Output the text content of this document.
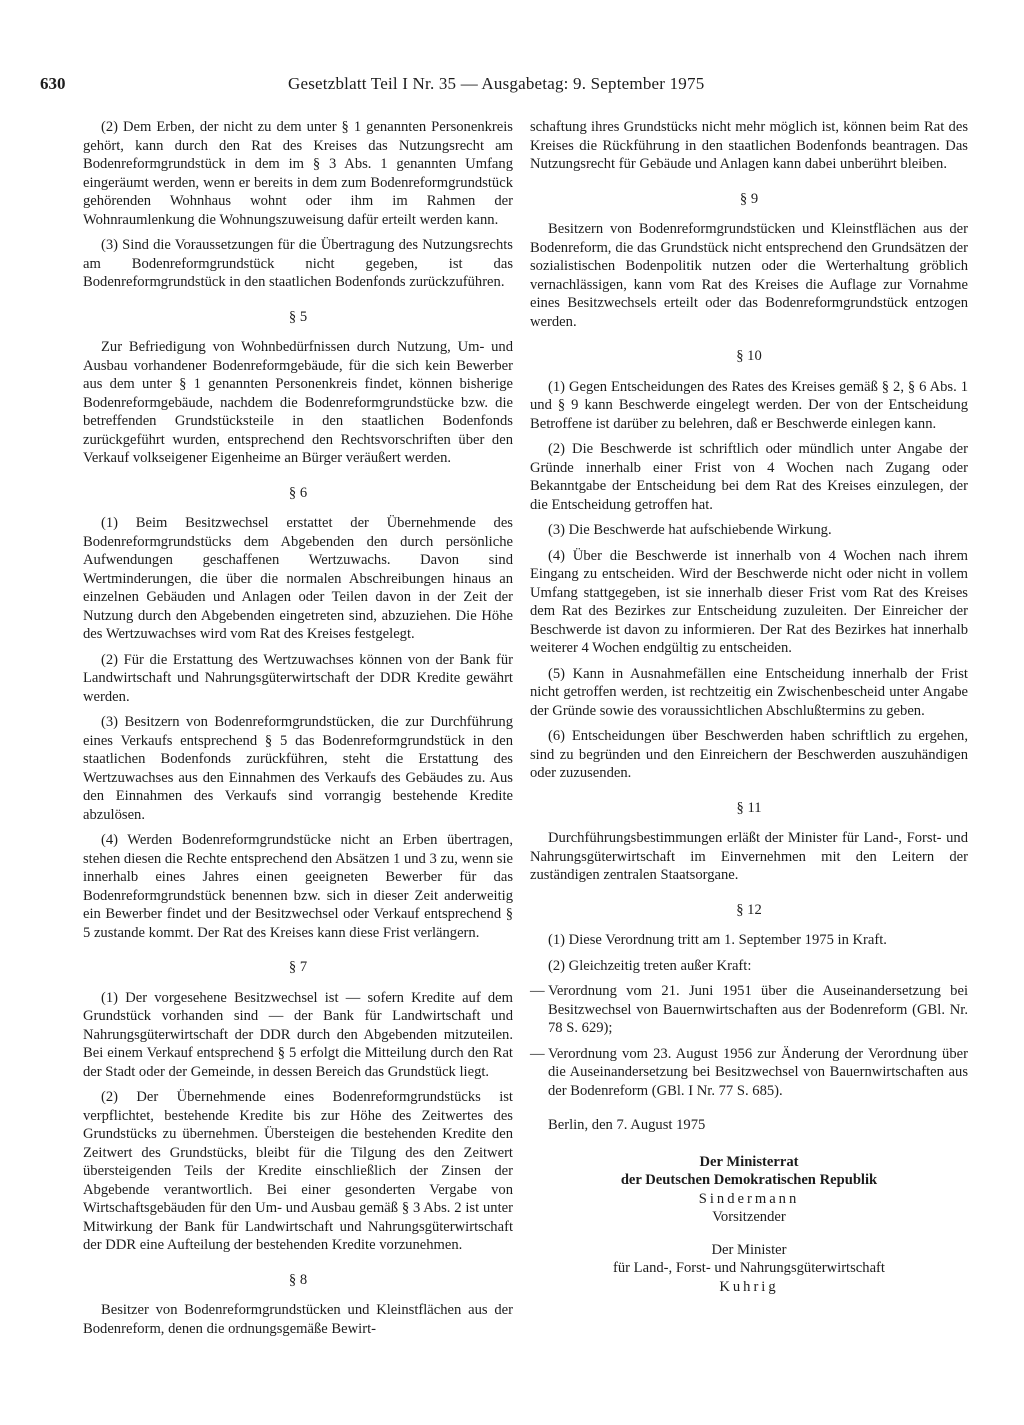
630	Gesetzblatt Teil I Nr. 35 — Ausgabetag: 9. September 1975

(2) Dem Erben, der nicht zu dem unter § 1 genannten Personenkreis gehört, kann durch den Rat des Kreises das Nutzungsrecht am Bodenreformgrundstück in dem im § 3 Abs. 1 genannten Umfang eingeräumt werden, wenn er bereits in dem zum Bodenreformgrundstück gehörenden Wohnhaus wohnt oder ihm im Rahmen der Wohnraumlenkung die Wohnungszuweisung dafür erteilt werden kann.

(3) Sind die Voraussetzungen für die Übertragung des Nutzungsrechts am Bodenreformgrundstück nicht gegeben, ist das Bodenreformgrundstück in den staatlichen Bodenfonds zurückzuführen.

§ 5

Zur Befriedigung von Wohnbedürfnissen durch Nutzung, Um- und Ausbau vorhandener Bodenreformgebäude, für die sich kein Bewerber aus dem unter § 1 genannten Personenkreis findet, können bisherige Bodenreformgebäude, nachdem die Bodenreformgrundstücke bzw. die betreffenden Grundstücksteile in den staatlichen Bodenfonds zurückgeführt wurden, entsprechend den Rechtsvorschriften über den Verkauf volkseigener Eigenheime an Bürger veräußert werden.

§ 6

(1) Beim Besitzwechsel erstattet der Übernehmende des Bodenreformgrundstücks dem Abgebenden den durch persönliche Aufwendungen geschaffenen Wertzuwachs. Davon sind Wertminderungen, die über die normalen Abschreibungen hinaus an einzelnen Gebäuden und Anlagen oder Teilen davon in der Zeit der Nutzung durch den Abgebenden eingetreten sind, abzuziehen. Die Höhe des Wertzuwachses wird vom Rat des Kreises festgelegt.

(2) Für die Erstattung des Wertzuwachses können von der Bank für Landwirtschaft und Nahrungsgüterwirtschaft der DDR Kredite gewährt werden.

(3) Besitzern von Bodenreformgrundstücken, die zur Durchführung eines Verkaufs entsprechend § 5 das Bodenreformgrundstück in den staatlichen Bodenfonds zurückführen, steht die Erstattung des Wertzuwachses aus den Einnahmen des Verkaufs des Gebäudes zu. Aus den Einnahmen des Verkaufs sind vorrangig bestehende Kredite abzulösen.

(4) Werden Bodenreformgrundstücke nicht an Erben übertragen, stehen diesen die Rechte entsprechend den Absätzen 1 und 3 zu, wenn sie innerhalb eines Jahres einen geeigneten Bewerber für das Bodenreformgrundstück benennen bzw. sich in dieser Zeit anderweitig ein Bewerber findet und der Besitzwechsel oder Verkauf entsprechend § 5 zustande kommt. Der Rat des Kreises kann diese Frist verlängern.

§ 7

(1) Der vorgesehene Besitzwechsel ist — sofern Kredite auf dem Grundstück vorhanden sind — der Bank für Landwirtschaft und Nahrungsgüterwirtschaft der DDR durch den Abgebenden mitzuteilen. Bei einem Verkauf entsprechend § 5 erfolgt die Mitteilung durch den Rat der Stadt oder der Gemeinde, in dessen Bereich das Grundstück liegt.

(2) Der Übernehmende eines Bodenreformgrundstücks ist verpflichtet, bestehende Kredite bis zur Höhe des Zeitwertes des Grundstücks zu übernehmen. Übersteigen die bestehenden Kredite den Zeitwert des Grundstücks, bleibt für die Tilgung des den Zeitwert übersteigenden Teils der Kredite einschließlich der Zinsen der Abgebende verantwortlich. Bei einer gesonderten Vergabe von Wirtschaftsgebäuden für den Um- und Ausbau gemäß § 3 Abs. 2 ist unter Mitwirkung der Bank für Landwirtschaft und Nahrungsgüterwirtschaft der DDR eine Aufteilung der bestehenden Kredite vorzunehmen.

§ 8

Besitzer von Bodenreformgrundstücken und Kleinstflächen aus der Bodenreform, denen die ordnungsgemäße Bewirt-

schaftung ihres Grundstücks nicht mehr möglich ist, können beim Rat des Kreises die Rückführung in den staatlichen Bodenfonds beantragen. Das Nutzungsrecht für Gebäude und Anlagen kann dabei unberührt bleiben.

§ 9

Besitzern von Bodenreformgrundstücken und Kleinstflächen aus der Bodenreform, die das Grundstück nicht entsprechend den Grundsätzen der sozialistischen Bodenpolitik nutzen oder die Werterhaltung gröblich vernachlässigen, kann vom Rat des Kreises die Auflage zur Vornahme eines Besitzwechsels erteilt oder das Bodenreformgrundstück entzogen werden.

§ 10

(1) Gegen Entscheidungen des Rates des Kreises gemäß § 2, § 6 Abs. 1 und § 9 kann Beschwerde eingelegt werden. Der von der Entscheidung Betroffene ist darüber zu belehren, daß er Beschwerde einlegen kann.

(2) Die Beschwerde ist schriftlich oder mündlich unter Angabe der Gründe innerhalb einer Frist von 4 Wochen nach Zugang oder Bekanntgabe der Entscheidung bei dem Rat des Kreises einzulegen, der die Entscheidung getroffen hat.

(3) Die Beschwerde hat aufschiebende Wirkung.

(4) Über die Beschwerde ist innerhalb von 4 Wochen nach ihrem Eingang zu entscheiden. Wird der Beschwerde nicht oder nicht in vollem Umfang stattgegeben, ist sie innerhalb dieser Frist vom Rat des Kreises dem Rat des Bezirkes zur Entscheidung zuzuleiten. Der Einreicher der Beschwerde ist davon zu informieren. Der Rat des Bezirkes hat innerhalb weiterer 4 Wochen endgültig zu entscheiden.

(5) Kann in Ausnahmefällen eine Entscheidung innerhalb der Frist nicht getroffen werden, ist rechtzeitig ein Zwischenbescheid unter Angabe der Gründe sowie des voraussichtlichen Abschlußtermins zu geben.

(6) Entscheidungen über Beschwerden haben schriftlich zu ergehen, sind zu begründen und den Einreichern der Beschwerden auszuhändigen oder zuzusenden.

§ 11

Durchführungsbestimmungen erläßt der Minister für Land-, Forst- und Nahrungsgüterwirtschaft im Einvernehmen mit den Leitern der zuständigen zentralen Staatsorgane.

§ 12

(1) Diese Verordnung tritt am 1. September 1975 in Kraft.

(2) Gleichzeitig treten außer Kraft:

— Verordnung vom 21. Juni 1951 über die Auseinandersetzung bei Besitzwechsel von Bauernwirtschaften aus der Bodenreform (GBl. Nr. 78 S. 629);
— Verordnung vom 23. August 1956 zur Änderung der Verordnung über die Auseinandersetzung bei Besitzwechsel von Bauernwirtschaften aus der Bodenreform (GBl. I Nr. 77 S. 685).
Berlin, den 7. August 1975
Der Ministerrat
der Deutschen Demokratischen Republik
Sindermann
Vorsitzender
Der Minister
für Land-, Forst- und Nahrungsgüterwirtschaft
Kuhrig
